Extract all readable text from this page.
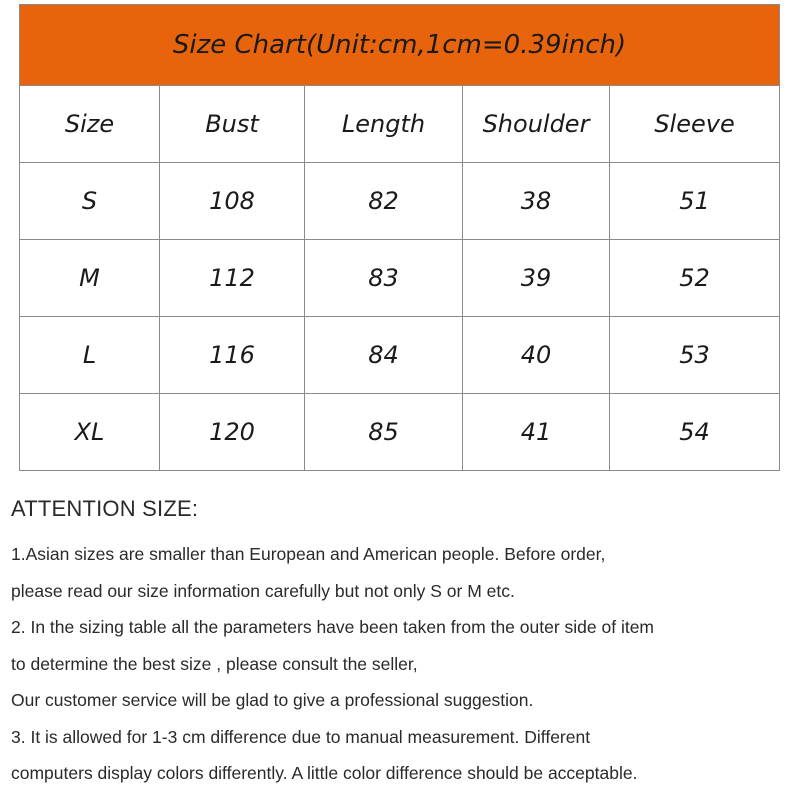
Size Chart(Unit:cm,1cm=0.39inch)				
Size	Bust	Length	Shoulder	Sleeve
S	108	82	38	51
M	112	83	39	52
L	116	84	40	53
XL	120	85	41	54

ATTENTION SIZE:

1.Asian sizes are smaller than European and American people. Before order,

please read our size information carefully but not only S or M etc.

2. In the sizing table all the parameters have been taken from the outer side of item

to determine the best size , please consult the seller,

Our customer service will be glad to give a professional suggestion.

3. It is allowed for 1-3 cm difference due to manual measurement. Different

computers display colors differently. A little color difference should be acceptable.
